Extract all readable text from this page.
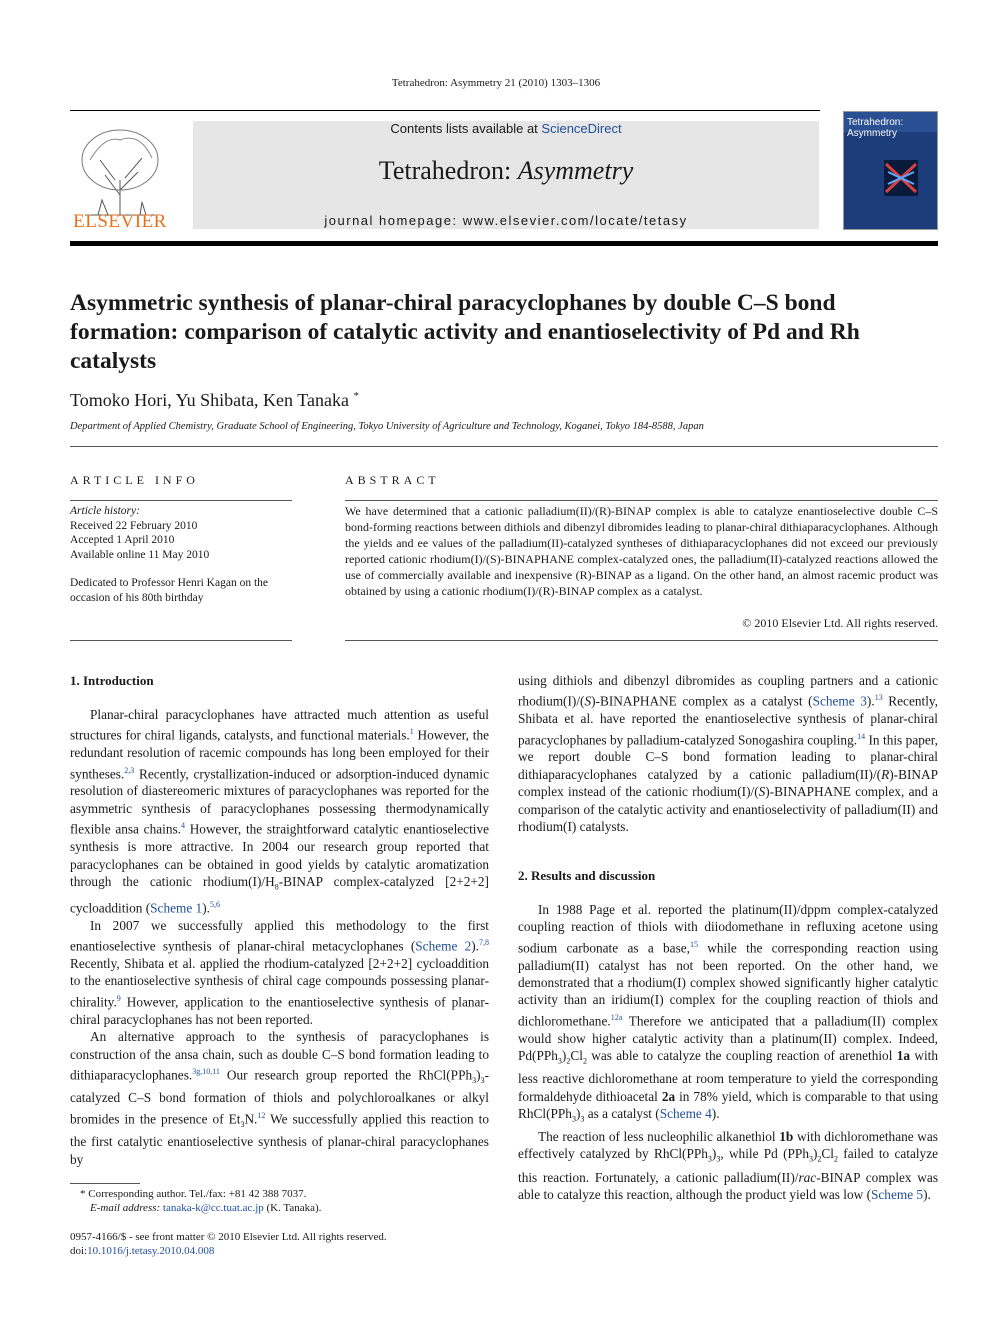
Tetrahedron: Asymmetry 21 (2010) 1303–1306
ELSEVIER
Contents lists available at ScienceDirect
Tetrahedron: Asymmetry
journal homepage: www.elsevier.com/locate/tetasy
Tetrahedron: Asymmetry
Asymmetric synthesis of planar-chiral paracyclophanes by double C–S bond formation: comparison of catalytic activity and enantioselectivity of Pd and Rh catalysts
Tomoko Hori, Yu Shibata, Ken Tanaka *
Department of Applied Chemistry, Graduate School of Engineering, Tokyo University of Agriculture and Technology, Koganei, Tokyo 184-8588, Japan
ARTICLE INFO
Article history:
Received 22 February 2010
Accepted 1 April 2010
Available online 11 May 2010
Dedicated to Professor Henri Kagan on the occasion of his 80th birthday
ABSTRACT

We have determined that a cationic palladium(II)/(R)-BINAP complex is able to catalyze enantioselective double C–S bond-forming reactions between dithiols and dibenzyl dibromides leading to planar-chiral dithiaparacyclophanes. Although the yields and ee values of the palladium(II)-catalyzed syntheses of dithiaparacyclophanes did not exceed our previously reported cationic rhodium(I)/(S)-BINAPHANE complex-catalyzed ones, the palladium(II)-catalyzed reactions allowed the use of commercially available and inexpensive (R)-BINAP as a ligand. On the other hand, an almost racemic product was obtained by using a cationic rhodium(I)/(R)-BINAP complex as a catalyst.

© 2010 Elsevier Ltd. All rights reserved.
1. Introduction

Planar-chiral paracyclophanes have attracted much attention as useful structures for chiral ligands, catalysts, and functional materials.$^1$ However, the redundant resolution of racemic compounds has long been employed for their syntheses.$^{2,3}$ Recently, crystallization-induced or adsorption-induced dynamic resolution of diastereomeric mixtures of paracyclophanes was reported for the asymmetric synthesis of paracyclophanes possessing thermodynamically flexible ansa chains.$^4$ However, the straightforward catalytic enantioselective synthesis is more attractive. In 2004 our research group reported that paracyclophanes can be obtained in good yields by catalytic aromatization through the cationic $rhodium(I)/H_8$-BINAP complex-catalyzed [2+2+2] cycloaddition (Scheme 1).$^{5,6}$

In 2007 we successfully applied this methodology to the first enantioselective synthesis of planar-chiral metacyclophanes (Scheme 2).$^{7,8}$ Recently, Shibata et al. applied the rhodium-catalyzed [2+2+2] cycloaddition to the enantioselective synthesis of chiral cage compounds possessing planar-chirality.$^9$ However, application to the enantioselective synthesis of planar-chiral paracyclophanes has not been reported.

An alternative approach to the synthesis of paracyclophanes is construction of the ansa chain, such as double C–S bond formation leading to dithiaparacyclophanes.$^{3g,10,11}$ Our research group reported the $RhCl(PPh_3)_3$-catalyzed C–S bond formation of thiols and polychloroalkanes or alkyl bromides in the presence of $Et_3N.^{12}$ We successfully applied this reaction to the first catalytic enantioselective synthesis of planar-chiral paracyclophanes by

* Corresponding author. Tel./fax: +81 42 388 7037.
E-mail address: tanaka-k@cc.tuat.ac.jp (K. Tanaka).
0957-4166/$ - see front matter © 2010 Elsevier Ltd. All rights reserved.
doi:10.1016/j.tetasy.2010.04.008

using dithiols and dibenzyl dibromides as coupling partners and a cationic rhodium(I)/(S)-BINAPHANE complex as a catalyst (Scheme 3).$^{13}$ Recently, Shibata et al. have reported the enantioselective synthesis of planar-chiral paracyclophanes by palladium-catalyzed Sonogashira coupling.$^{14}$ In this paper, we report double C–S bond formation leading to planar-chiral dithiaparacyclophanes catalyzed by a cationic palladium(II)/(R)-BINAP complex instead of the cationic rhodium(I)/(S)-BINAPHANE complex, and a comparison of the catalytic activity and enantioselectivity of palladium(II) and rhodium(I) catalysts.

2. Results and discussion

In 1988 Page et al. reported the platinum(II)/dppm complex-catalyzed coupling reaction of thiols with diiodomethane in refluxing acetone using sodium carbonate as a base,$^{15}$ while the corresponding reaction using palladium(II) catalyst has not been reported. On the other hand, we demonstrated that a rhodium(I) complex showed significantly higher catalytic activity than an iridium(I) complex for the coupling reaction of thiols and dichloromethane.$^{12a}$ Therefore we anticipated that a palladium(II) complex would show higher catalytic activity than a platinum(II) complex. Indeed, $Pd(PPh_3)_2Cl_2$ was able to catalyze the coupling reaction of arenethiol 1a with less reactive dichloromethane at room temperature to yield the corresponding formaldehyde dithioacetal 2a in 78% yield, which is comparable to that using $RhCl(PPh_3)_3$ as a catalyst (Scheme 4).

The reaction of less nucleophilic alkanethiol 1b with dichloromethane was effectively catalyzed by $RhCl(PPh_3)_3$, while Pd $(PPh_3)_2Cl_2$ failed to catalyze this reaction. Fortunately, a cationic palladium(II)/rac-BINAP complex was able to catalyze this reaction, although the product yield was low (Scheme 5).
